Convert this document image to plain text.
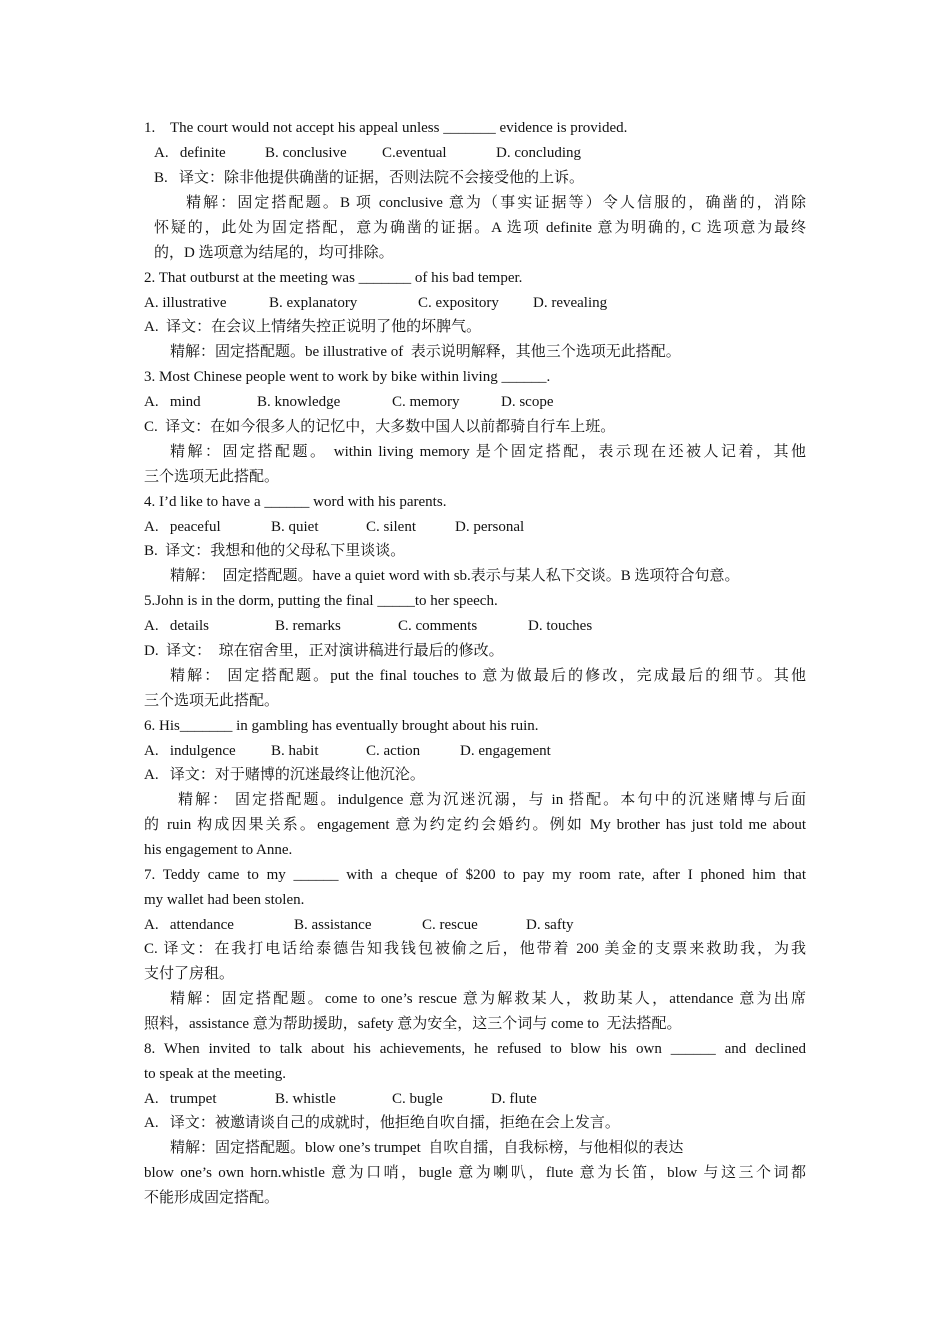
1.    The court would not accept his appeal unless _______ evidence is provided.
A.   definite	B. conclusive C.eventual	D. concluding
B.   译文：除非他提供确凿的证据，否则法院不会接受他的上诉。
精解：固定搭配题。B 项 conclusive 意为（事实证据等）令人信服的，确凿的，消除
怀疑的，此处为固定搭配，意为确凿的证据。A 选项 definite 意为明确的, C 选项意为最终
的，D 选项意为结尾的，均可排除。
2. That outburst at the meeting was _______ of his bad temper.
A. illustrative	B. explanatory	C. expository D. revealing
A.  译文：在会议上情绪失控正说明了他的坏脾气。
精解：固定搭配题。be illustrative of  表示说明解释，其他三个选项无此搭配。
3. Most Chinese people went to work by bike within living ______.
A.   mind	B. knowledge	C. memory	D. scope
C.  译文：在如今很多人的记忆中，大多数中国人以前都骑自行车上班。
精解：固定搭配题。 within living memory 是个固定搭配，表示现在还被人记着，其他
三个选项无此搭配。
4. I’d like to have a ______ word with his parents.
A.   peaceful	B. quiet	C. silent	D. personal
B.  译文：我想和他的父母私下里谈谈。
精解：  固定搭配题。have a quiet word with sb.表示与某人私下交谈。B 选项符合句意。
5.John is in the dorm, putting the final _____to her speech.
A.   details	B. remarks	C. comments	D. touches
D.  译文：  琼在宿舍里，正对演讲稿进行最后的修改。
精解： 固定搭配题。put the final touches to 意为做最后的修改，完成最后的细节。其他
三个选项无此搭配。
6. His_______ in gambling has eventually brought about his ruin.
A.   indulgence B. habit	C. action	D. engagement
A.   译文：对于赌博的沉迷最终让他沉沦。
精解： 固定搭配题。indulgence 意为沉迷沉溺，与 in 搭配。本句中的沉迷赌博与后面
的 ruin 构成因果关系。engagement 意为约定约会婚约。例如 My brother has just told me about
his engagement to Anne.
7. Teddy came to my ______ with a cheque of $200 to pay my room rate, after I phoned him that
my wallet had been stolen.
A.   attendance	B. assistance	C. rescue	D. safty
C. 译文：在我打电话给泰德告知我钱包被偷之后，他带着 200 美金的支票来救助我，为我
支付了房租。
精解：固定搭配题。come to one’s rescue 意为解救某人，救助某人，attendance 意为出席
照料，assistance 意为帮助援助，safety 意为安全，这三个词与 come to  无法搭配。
8. When invited to talk about his achievements, he refused to blow his own ______ and declined
to speak at the meeting.
A.   trumpet	B. whistle	C. bugle	D. flute
A.   译文：被邀请谈自己的成就时，他拒绝自吹自擂，拒绝在会上发言。
精解：固定搭配题。blow one’s trumpet  自吹自擂，自我标榜，与他相似的表达
blow one’s own horn.whistle 意为口哨，bugle 意为喇叭，flute 意为长笛，blow 与这三个词都
不能形成固定搭配。
